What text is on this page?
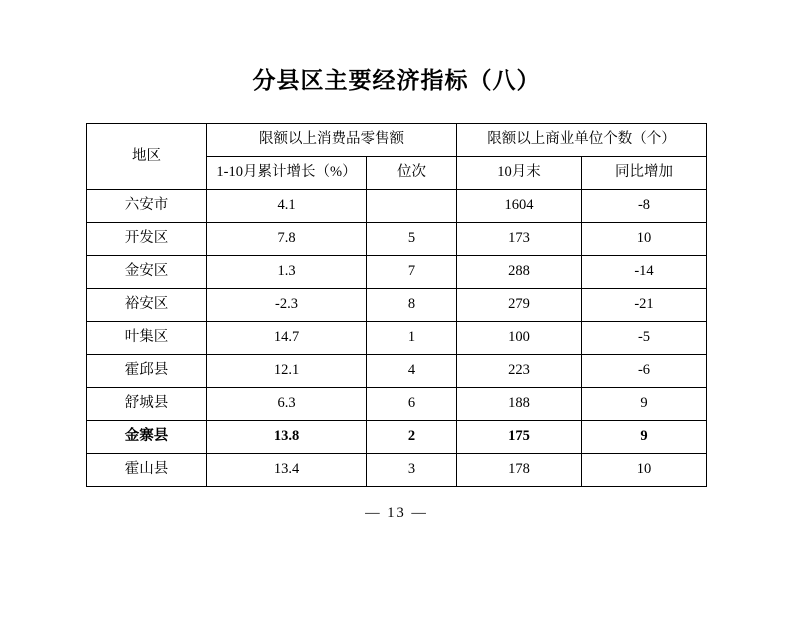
分县区主要经济指标（八）
地区	限额以上消费品零售额		限额以上商业单位个数（个）	
	1-10月累计增长（%）	位次	10月末	同比增加
六安市	4.1		1604	-8
开发区	7.8	5	173	10
金安区	1.3	7	288	-14
裕安区	-2.3	8	279	-21
叶集区	14.7	1	100	-5
霍邱县	12.1	4	223	-6
舒城县	6.3	6	188	9
金寨县	13.8	2	175	9
霍山县	13.4	3	178	10
— 13 —
